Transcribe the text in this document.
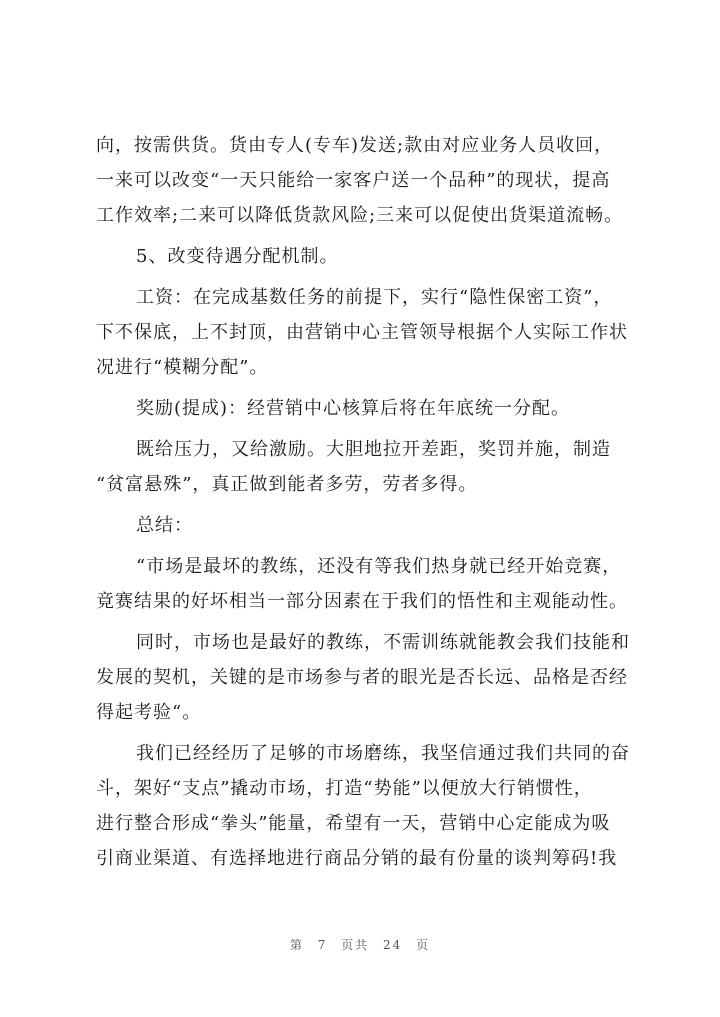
向，按需供货。货由专人(专车)发送;款由对应业务人员收回，
一来可以改变“一天只能给一家客户送一个品种”的现状，提高
工作效率;二来可以降低货款风险;三来可以促使出货渠道流畅。

5、改变待遇分配机制。

工资：在完成基数任务的前提下，实行“隐性保密工资”，
下不保底，上不封顶，由营销中心主管领导根据个人实际工作状
况进行“模糊分配”。

奖励(提成)：经营销中心核算后将在年底统一分配。

既给压力，又给激励。大胆地拉开差距，奖罚并施，制造
“贫富悬殊”，真正做到能者多劳，劳者多得。

总结：

“市场是最坏的教练，还没有等我们热身就已经开始竞赛，
竟赛结果的好坏相当一部分因素在于我们的悟性和主观能动性。

同时，市场也是最好的教练，不需训练就能教会我们技能和
发展的契机，关键的是市场参与者的眼光是否长远、品格是否经
得起考验“。

我们已经经历了足够的市场磨练，我坚信通过我们共同的奋
斗，架好“支点”撬动市场，打造“势能”以便放大行销惯性，
进行整合形成“拳头”能量，希望有一天，营销中心定能成为吸
引商业渠道、有选择地进行商品分销的最有份量的谈判筹码!我

第 7 页共 24 页
